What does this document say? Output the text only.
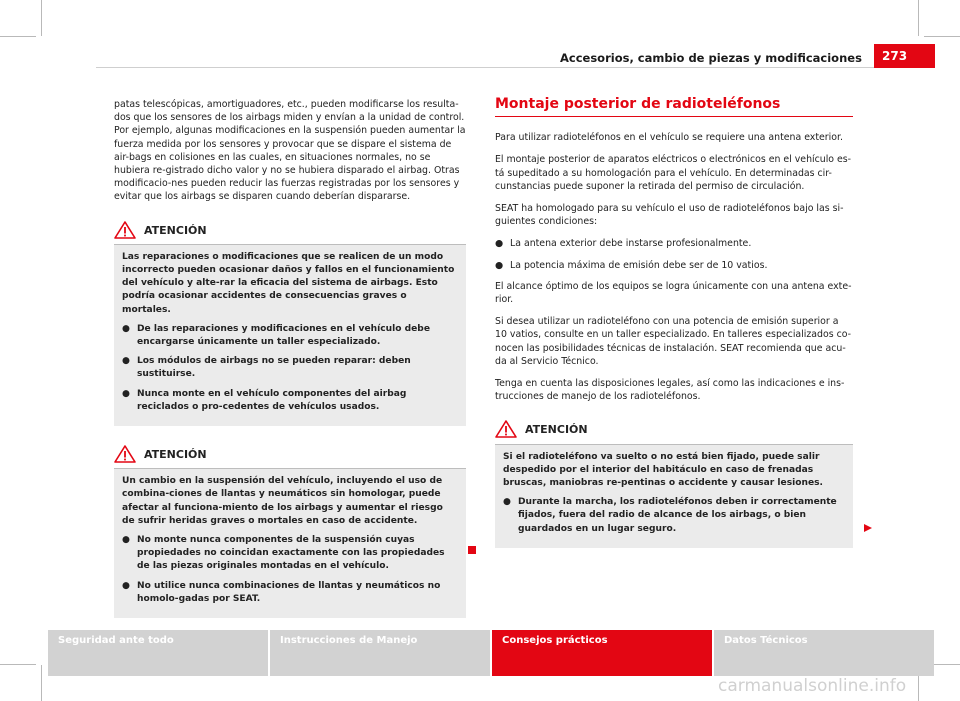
Accesorios, cambio de piezas y modificaciones	273

patas telescópicas, amortiguadores, etc., pueden modificarse los resulta-dos que los sensores de los airbags miden y envían a la unidad de control. Por ejemplo, algunas modificaciones en la suspensión pueden aumentar la fuerza medida por los sensores y provocar que se dispare el sistema de air-bags en colisiones en las cuales, en situaciones normales, no se hubiera re-gistrado dicho valor y no se hubiera disparado el airbag. Otras modificacio-nes pueden reducir las fuerzas registradas por los sensores y evitar que los airbags se disparen cuando deberían dispararse.

ATENCIÓN

Las reparaciones o modificaciones que se realicen de un modo incorrecto pueden ocasionar daños y fallos en el funcionamiento del vehículo y alte-rar la eficacia del sistema de airbags. Esto podría ocasionar accidentes de consecuencias graves o mortales.

● De las reparaciones y modificaciones en el vehículo debe encargarse únicamente un taller especializado.
● Los módulos de airbags no se pueden reparar: deben sustituirse.
● Nunca monte en el vehículo componentes del airbag reciclados o pro-cedentes de vehículos usados.
ATENCIÓN

Un cambio en la suspensión del vehículo, incluyendo el uso de combina-ciones de llantas y neumáticos sin homologar, puede afectar al funciona-miento de los airbags y aumentar el riesgo de sufrir heridas graves o mortales en caso de accidente.

● No monte nunca componentes de la suspensión cuyas propiedades no coincidan exactamente con las propiedades de las piezas originales montadas en el vehículo.
● No utilice nunca combinaciones de llantas y neumáticos no homolo-gadas por SEAT.
Montaje posterior de radioteléfonos

Para utilizar radioteléfonos en el vehículo se requiere una antena exterior.

El montaje posterior de aparatos eléctricos o electrónicos en el vehículo es-tá supeditado a su homologación para el vehículo. En determinadas cir-cunstancias puede suponer la retirada del permiso de circulación.

SEAT ha homologado para su vehículo el uso de radioteléfonos bajo las si-guientes condiciones:

● La antena exterior debe instarse profesionalmente.
● La potencia máxima de emisión debe ser de 10 vatios.

El alcance óptimo de los equipos se logra únicamente con una antena exte-rior.

Si desea utilizar un radioteléfono con una potencia de emisión superior a 10 vatios, consulte en un taller especializado. En talleres especializados co-nocen las posibilidades técnicas de instalación. SEAT recomienda que acu-da al Servicio Técnico.

Tenga en cuenta las disposiciones legales, así como las indicaciones e ins-trucciones de manejo de los radioteléfonos.

ATENCIÓN

Si el radioteléfono va suelto o no está bien fijado, puede salir despedido por el interior del habitáculo en caso de frenadas bruscas, maniobras re-pentinas o accidente y causar lesiones.

● Durante la marcha, los radioteléfonos deben ir correctamente fijados, fuera del radio de alcance de los airbags, o bien guardados en un lugar seguro.
Seguridad ante todo	Instrucciones de Manejo	Consejos prácticos	Datos Técnicos
carmanualsonline.info
